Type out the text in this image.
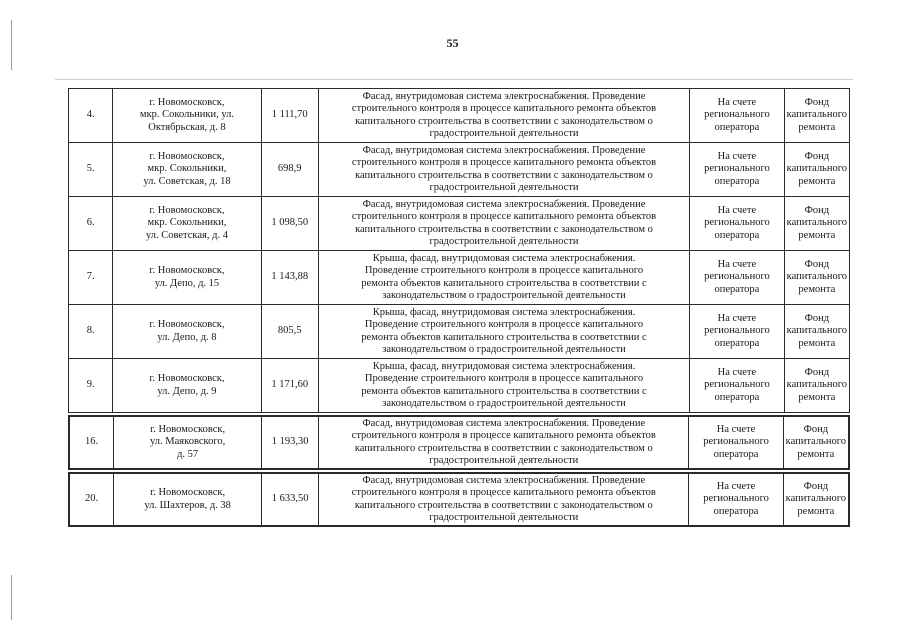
55
4.
г. Новомосковск,
мкр. Сокольники, ул.
Октябрьская, д. 8
1 111,70
Фасад, внутридомовая система электроснабжения. Проведение
строительного контроля в процессе капитального ремонта объектов
капитального строительства в соответствии с законодательством о
градостроительной деятельности
На счете
регионального
оператора
Фонд
капитального
ремонта
5.
г. Новомосковск,
мкр. Сокольники,
ул. Советская, д. 18
698,9
Фасад, внутридомовая система электроснабжения. Проведение
строительного контроля в процессе капитального ремонта объектов
капитального строительства в соответствии с законодательством о
градостроительной деятельности
На счете
регионального
оператора
Фонд
капитального
ремонта
6.
г. Новомосковск,
мкр. Сокольники,
ул. Советская, д. 4
1 098,50
Фасад, внутридомовая система электроснабжения. Проведение
строительного контроля в процессе капитального ремонта объектов
капитального строительства в соответствии с законодательством о
градостроительной деятельности
На счете
регионального
оператора
Фонд
капитального
ремонта
7.
г. Новомосковск,
ул. Депо, д. 15
1 143,88
Крыша, фасад, внутридомовая система электроснабжения.
Проведение строительного контроля в процессе капитального
ремонта объектов капитального строительства в соответствии с
законодательством о градостроительной деятельности
На счете
регионального
оператора
Фонд
капитального
ремонта
8.
г. Новомосковск,
ул. Депо, д. 8
805,5
Крыша, фасад, внутридомовая система электроснабжения.
Проведение строительного контроля в процессе капитального
ремонта объектов капитального строительства в соответствии с
законодательством о градостроительной деятельности
На счете
регионального
оператора
Фонд
капитального
ремонта
9.
г. Новомосковск,
ул. Депо, д. 9
1 171,60
Крыша, фасад, внутридомовая система электроснабжения.
Проведение строительного контроля в процессе капитального
ремонта объектов капитального строительства в соответствии с
законодательством о градостроительной деятельности
На счете
регионального
оператора
Фонд
капитального
ремонта
16.
г. Новомосковск,
ул. Маяковского,
д. 57
1 193,30
Фасад, внутридомовая система электроснабжения. Проведение
строительного контроля в процессе капитального ремонта объектов
капитального строительства в соответствии с законодательством о
градостроительной деятельности
На счете
регионального
оператора
Фонд
капитального
ремонта
20.
г. Новомосковск,
ул. Шахтеров, д. 38
1 633,50
Фасад, внутридомовая система электроснабжения. Проведение
строительного контроля в процессе капитального ремонта объектов
капитального строительства в соответствии с законодательством о
градостроительной деятельности
На счете
регионального
оператора
Фонд
капитального
ремонта
